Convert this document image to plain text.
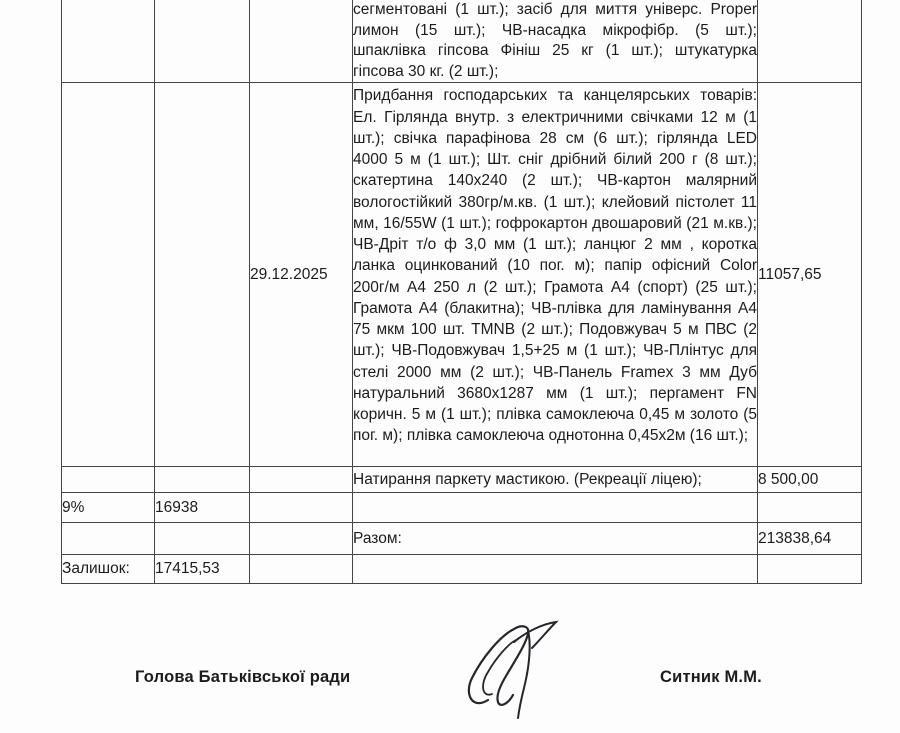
			сегментовані (1 шт.); засіб для миття універс. Proper лимон (15 шт.); ЧВ-насадка мікрофібр. (5 шт.); шпаклівка гіпсова Фініш 25 кг (1 шт.); штукатурка гіпсова 30 кг. (2 шт.);	
		29.12.2025	Придбання господарських та канцелярських товарів: Ел. Гірлянда внутр. з електричними свічками 12 м (1 шт.); свічка парафінова 28 см (6 шт.); гірлянда LED 4000 5 м (1 шт.); Шт. сніг дрібний білий 200 г (8 шт.); скатертина 140х240 (2 шт.); ЧВ-картон малярний вологостійкий 380гр/м.кв. (1 шт.); клейовий пістолет 11 мм, 16/55W (1 шт.); гофрокартон двошаровий (21 м.кв.); ЧВ-Дріт т/о ф 3,0 мм (1 шт.); ланцюг 2 мм , коротка ланка оцинкований (10 пог. м); папір офісний Color 200г/м А4 250 л (2 шт.); Грамота А4 (спорт) (25 шт.); Грамота А4 (блакитна); ЧВ-плівка для ламінування А4 75 мкм 100 шт. TMNB (2 шт.); Подовжувач 5 м ПВС (2 шт.); ЧВ-Подовжувач 1,5+25 м (1 шт.); ЧВ-Плінтус для стелі 2000 мм (2 шт.); ЧВ-Панель Framex 3 мм Дуб натуральний 3680х1287 мм (1 шт.); пергамент FN коричн. 5 м (1 шт.); плівка самоклеюча 0,45 м золото (5 пог. м); плівка самоклеюча однотонна 0,45х2м (16 шт.);	11057,65
			Натирання паркету мастикою. (Рекреації ліцею);	8 500,00
9%	16938			
			Разом:	213838,64
Залишок:	17415,53			
Голова Батьківської ради	Ситник М.М.
